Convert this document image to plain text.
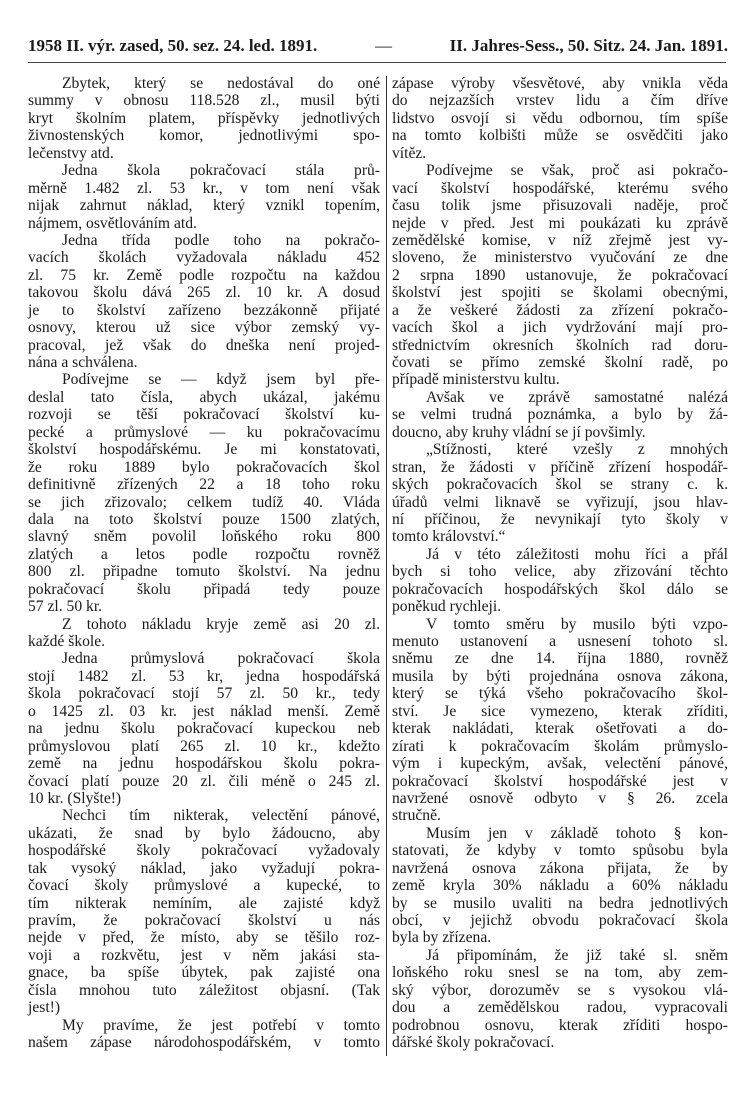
1958 II. výr. zased, 50. sez. 24. led. 1891.	—	II. Jahres-Sess., 50. Sitz. 24. Jan. 1891.
Zbytek, který se nedostával do oné
summy v obnosu 118.528 zl., musil býti
kryt školním platem, příspěvky jednotlivých
živnostenských komor, jednotlivými spo-
lečenstvy atd.
Jedna škola pokračovací stála prů-
měrně 1.482 zl. 53 kr., v tom není však
nijak zahrnut náklad, který vznikl topením,
nájmem, osvětlováním atd.
Jedna třída podle toho na pokračo-
vacích školách vyžadovala nákladu 452
zl. 75 kr. Země podle rozpočtu na každou
takovou školu dává 265 zl. 10 kr. A dosud
je to školství zařízeno bezzákonně přijaté
osnovy, kterou už sice výbor zemský vy-
pracoval, jež však do dneška není projed-
nána a schválena.
Podívejme se — když jsem byl pře-
deslal tato čísla, abych ukázal, jakému
rozvoji se těší pokračovací školství ku-
pecké a průmyslové — ku pokračovacímu
školství hospodářskému. Je mi konstatovati,
že roku 1889 bylo pokračovacích škol
definitivně zřízených 22 a 18 toho roku
se jich zřizovalo; celkem tudíž 40. Vláda
dala na toto školství pouze 1500 zlatých,
slavný sněm povolil loňského roku 800
zlatých a letos podle rozpočtu rovněž
800 zl. připadne tomuto školství. Na jednu
pokračovací školu připadá tedy pouze
57 zl. 50 kr.
Z tohoto nákladu kryje země asi 20 zl.
každé škole.
Jedna průmyslová pokračovací škola
stojí 1482 zl. 53 kr, jedna hospodářská
škola pokračovací stojí 57 zl. 50 kr., tedy
o 1425 zl. 03 kr. jest náklad menší. Země
na jednu školu pokračovací kupeckou neb
průmyslovou platí 265 zl. 10 kr., kdežto
země na jednu hospodářskou školu pokra-
čovací platí pouze 20 zl. čili méně o 245 zl.
10 kr. (Slyšte!)
Nechci tím nikterak, velectění pánové,
ukázati, že snad by bylo žádoucno, aby
hospodářské školy pokračovací vyžadovaly
tak vysoký náklad, jako vyžadují pokra-
čovací školy průmyslové a kupecké, to
tím nikterak nemíním, ale zajisté když
pravím, že pokračovací školství u nás
nejde v před, že místo, aby se těšilo roz-
voji a rozkvětu, jest v něm jakási sta-
gnace, ba spíše úbytek, pak zajisté ona
čísla mnohou tuto záležitost objasní. (Tak
jest!)
My pravíme, že jest potřebí v tomto
našem zápase národohospodářském, v tomto
zápase výroby všesvětové, aby vnikla věda
do nejzazších vrstev lidu a čím dříve
lidstvo osvojí si vědu odbornou, tím spíše
na tomto kolbišti může se osvědčiti jako
vítěz.
Podívejme se však, proč asi pokračo-
vací školství hospodářské, kterému svého
času tolik jsme přisuzovali naděje, proč
nejde v před. Jest mi poukázati ku zprávě
zemědělské komise, v níž zřejmě jest vy-
sloveno, že ministerstvo vyučování ze dne
2 srpna 1890 ustanovuje, že pokračovací
školství jest spojiti se školami obecnými,
a že veškeré žádosti za zřízení pokračo-
vacích škol a jich vydržování mají pro-
střednictvím okresních školních rad doru-
čovati se přímo zemské školní radě, po
případě ministerstvu kultu.
Avšak ve zprávě samostatné nalézá
se velmi trudná poznámka, a bylo by žá-
doucno, aby kruhy vládní se jí povšimly.
„Stížnosti, které vzešly z mnohých
stran, že žádosti v příčině zřízení hospodář-
ských pokračovacích škol se strany c. k.
úřadů velmi liknavě se vyřizují, jsou hlav-
ní příčinou, že nevynikají tyto školy v
tomto království.“
Já v této záležitosti mohu říci a přál
bych si toho velice, aby zřizování těchto
pokračovacích hospodářských škol dálo se
poněkud rychleji.
V tomto směru by musilo býti vzpo-
menuto ustanovení a usnesení tohoto sl.
sněmu ze dne 14. října 1880, rovněž
musila by býti projednána osnova zákona,
který se týká všeho pokračovacího škol-
ství. Je sice vymezeno, kterak zříditi,
kterak nakládati, kterak ošetřovati a do-
zírati k pokračovacím školám průmyslo-
vým i kupeckým, avšak, velectění pánové,
pokračovací školství hospodářské jest v
navržené osnově odbyto v § 26. zcela
stručně.
Musím jen v základě tohoto § kon-
statovati, že kdyby v tomto spůsobu byla
navržená osnova zákona přijata, že by
země kryla 30% nákladu a 60% nákladu
by se musilo uvaliti na bedra jednotlivých
obcí, v jejichž obvodu pokračovací škola
byla by zřízena.
Já připomínám, že již také sl. sněm
loňského roku snesl se na tom, aby zem-
ský výbor, dorozuměv se s vysokou vlá-
dou a zemědělskou radou, vypracovali
podrobnou osnovu, kterak zříditi hospo-
dářské školy pokračovací.
